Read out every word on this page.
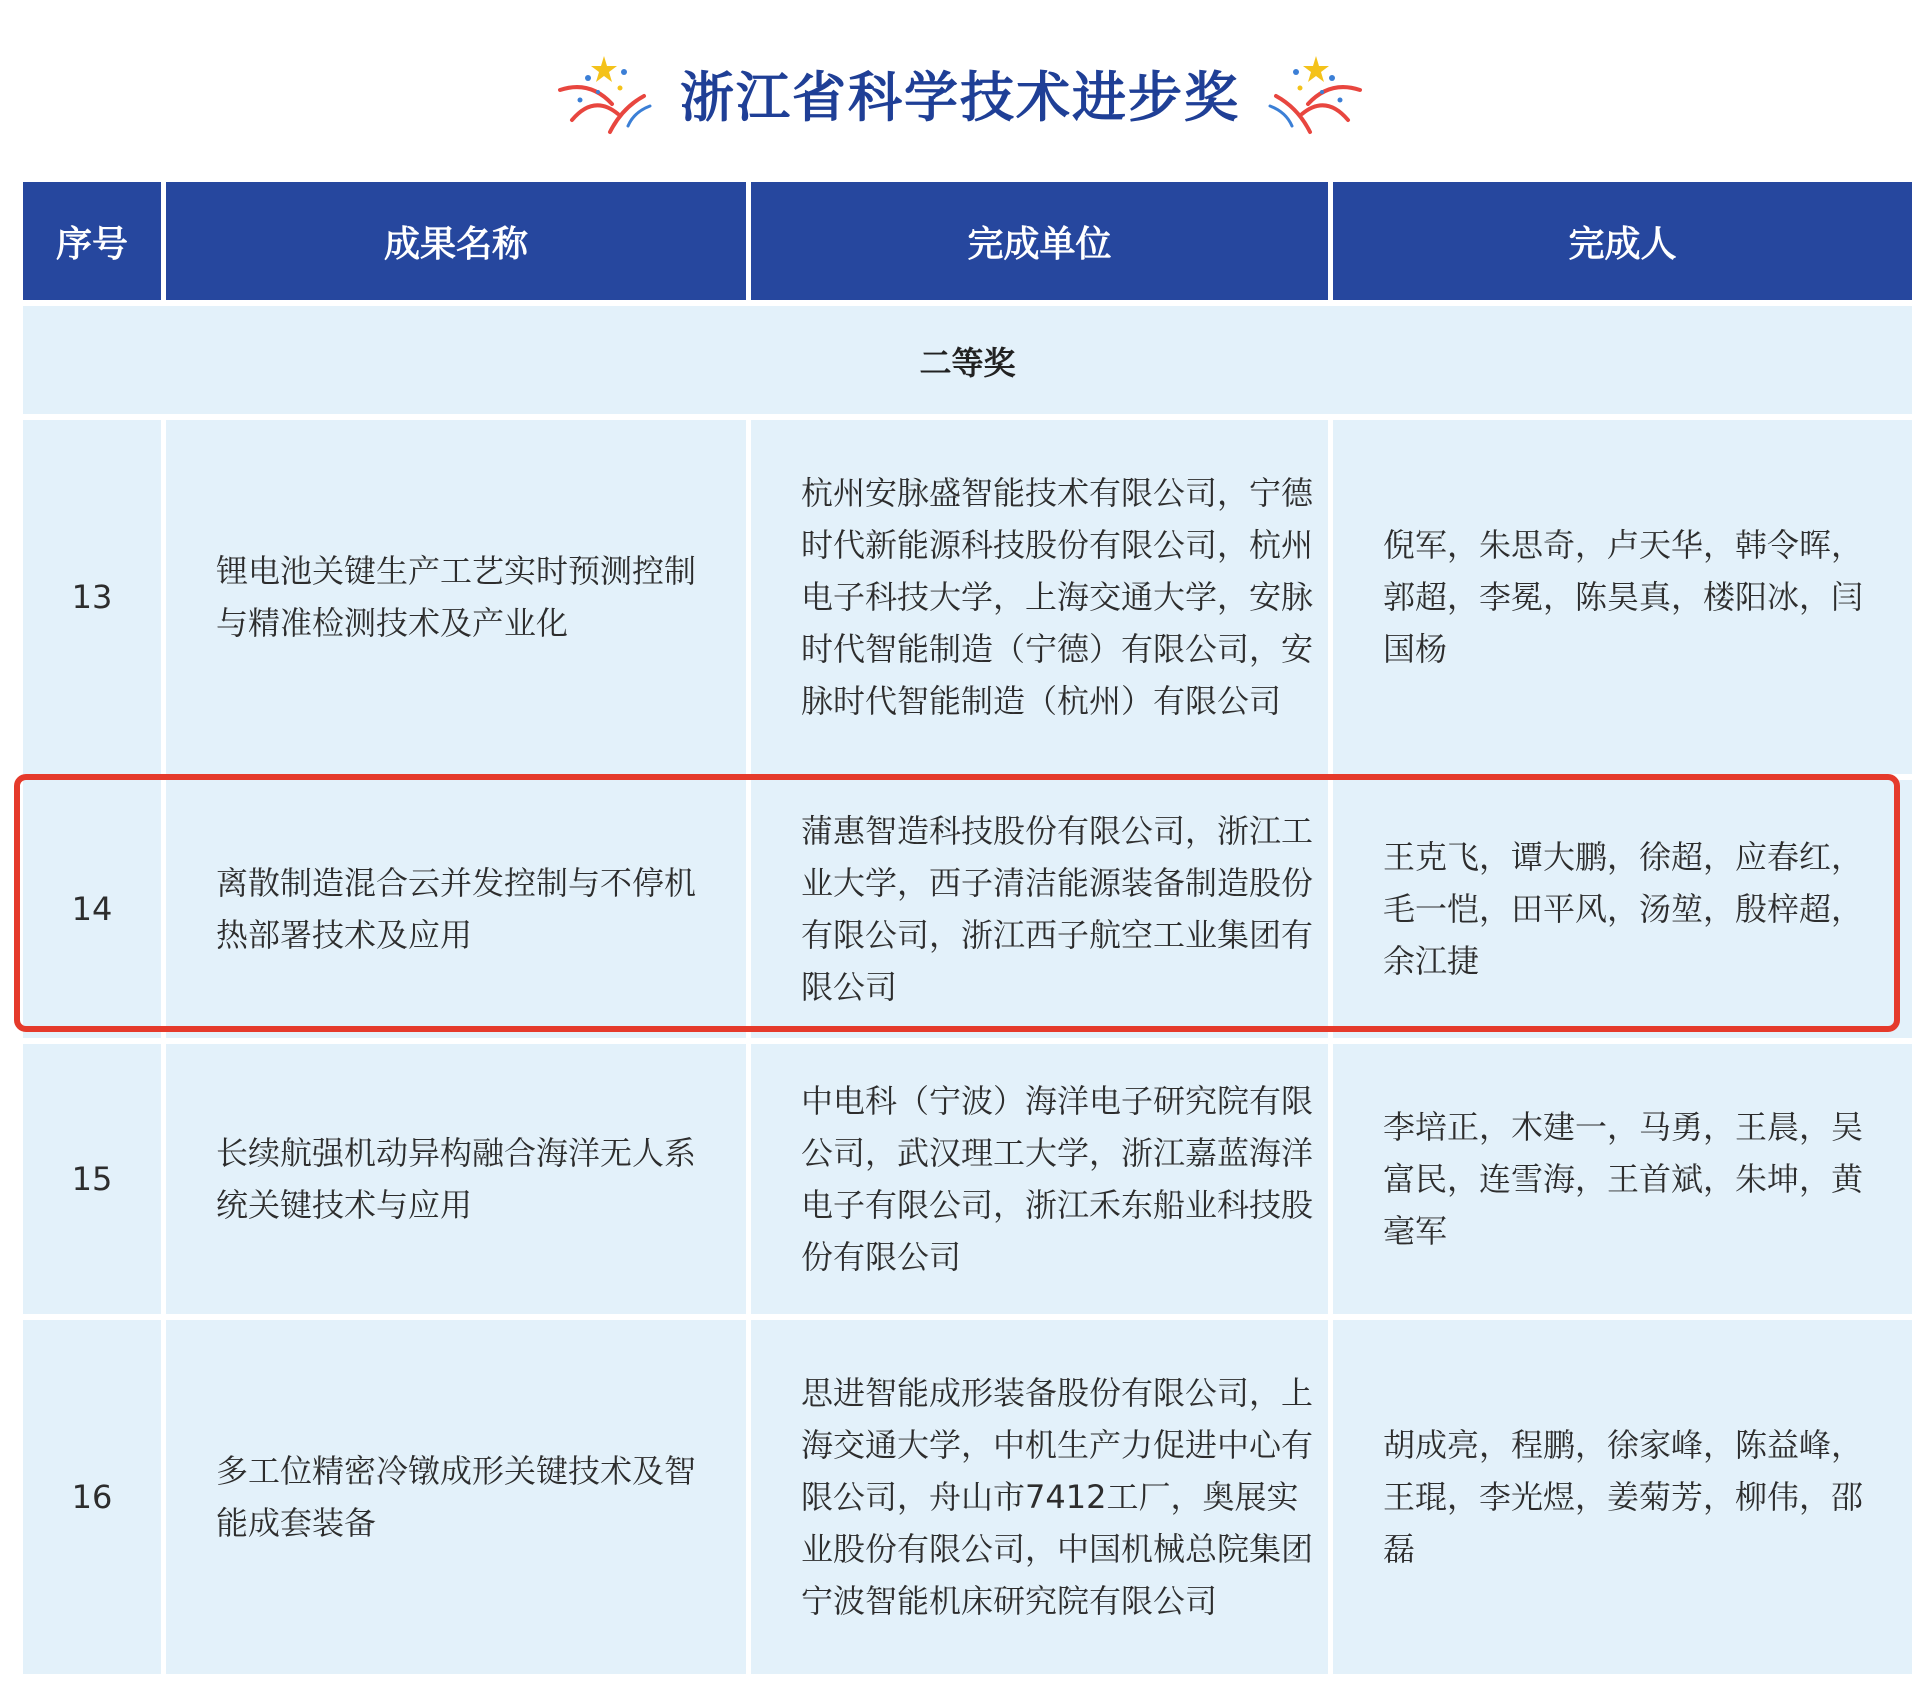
浙江省科学技术进步奖
序号	成果名称	完成单位	完成人
二等奖			
13	锂电池关键生产工艺实时预测控制与精准检测技术及产业化	杭州安脉盛智能技术有限公司，宁德时代新能源科技股份有限公司，杭州电子科技大学，上海交通大学，安脉时代智能制造（宁德）有限公司，安脉时代智能制造（杭州）有限公司	倪军，朱思奇，卢天华，韩令晖，郭超，李冕，陈昊真，楼阳冰，闫国杨
14	离散制造混合云并发控制与不停机热部署技术及应用	蒲惠智造科技股份有限公司，浙江工业大学，西子清洁能源装备制造股份有限公司，浙江西子航空工业集团有限公司	王克飞，谭大鹏，徐超，应春红，毛一恺，田平风，汤堃，殷梓超，余江捷
15	长续航强机动异构融合海洋无人系统关键技术与应用	中电科（宁波）海洋电子研究院有限公司，武汉理工大学，浙江嘉蓝海洋电子有限公司，浙江禾东船业科技股份有限公司	李培正，木建一，马勇，王晨，吴富民，连雪海，王首斌，朱坤，黄毫军
16	多工位精密冷镦成形关键技术及智能成套装备	思进智能成形装备股份有限公司，上海交通大学，中机生产力促进中心有限公司，舟山市7412工厂，奥展实业股份有限公司，中国机械总院集团宁波智能机床研究院有限公司	胡成亮，程鹏，徐家峰，陈益峰，王琨，李光煜，姜菊芳，柳伟，邵磊
